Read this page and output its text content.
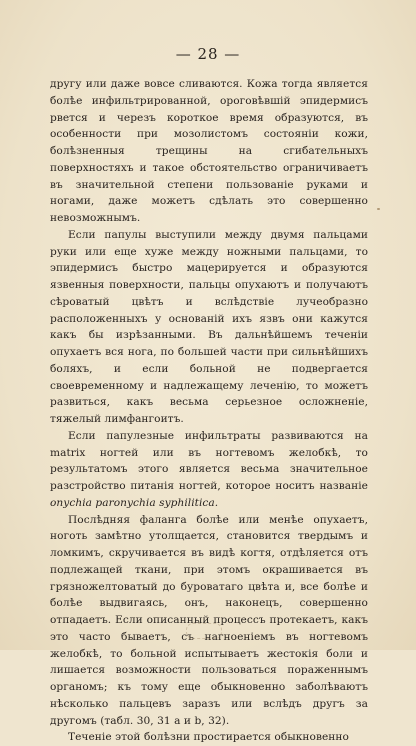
— 28 —

другу или даже вовсе сливаются. Кожа тогда является болѣе инфильтрированной, ороговѣвшiй эпидермисъ рвется и черезъ короткое время образуются, въ особенности при мозолистомъ состоянiи кожи, болѣзненныя трещины на сгибательныхъ поверхностяхъ и такое обстоятельство ограничиваетъ въ значительной степени пользованiе руками и ногами, даже можетъ сдѣлать это совершенно невозможнымъ.

Если папулы выступили между двумя пальцами руки или еще хуже между ножными пальцами, то эпидермисъ быстро мацерируется и образуются язвенныя поверхности, пальцы опухаютъ и получаютъ сѣроватый цвѣтъ и вслѣдствiе лучеобразно расположенныхъ у основанiй ихъ язвъ они кажутся какъ бы изрѣзанными. Въ дальнѣйшемъ теченiи опухаетъ вся нога, по большей части при сильнѣйшихъ боляхъ, и если больной не подвергается своевременному и надлежащему леченiю, то можетъ развиться, какъ весьма серьезное осложненiе, тяжелый лимфангоитъ.

Если папулезные инфильтраты развиваются на matrix ногтей или въ ногтевомъ желобкѣ, то результатомъ этого является весьма значительное разстройство питанiя ногтей, которое носитъ названiе onychia paronychia syphilitica.

Послѣдняя фаланга болѣе или менѣе опухаетъ, ноготь замѣтно утолщается, становится твердымъ и ломкимъ, скручивается въ видѣ когтя, отдѣляется отъ подлежащей ткани, при этомъ окрашивается въ грязножелтоватый до буроватаго цвѣта и, все болѣе и болѣе выдвигаясь, онъ, наконецъ, совершенно отпадаетъ. Если описанный процессъ протекаетъ, какъ это часто бываетъ, съ нагноенiемъ въ ногтевомъ желобкѣ, то больной испытываетъ жестокiя боли и лишается возможности пользоваться пораженнымъ органомъ; къ тому еще обыкновенно заболѣваютъ нѣсколько пальцевъ заразъ или вслѣдъ другъ за другомъ (табл. 30, 31 a и b, 32).

Теченiе этой болѣзни простирается обыкновенно
